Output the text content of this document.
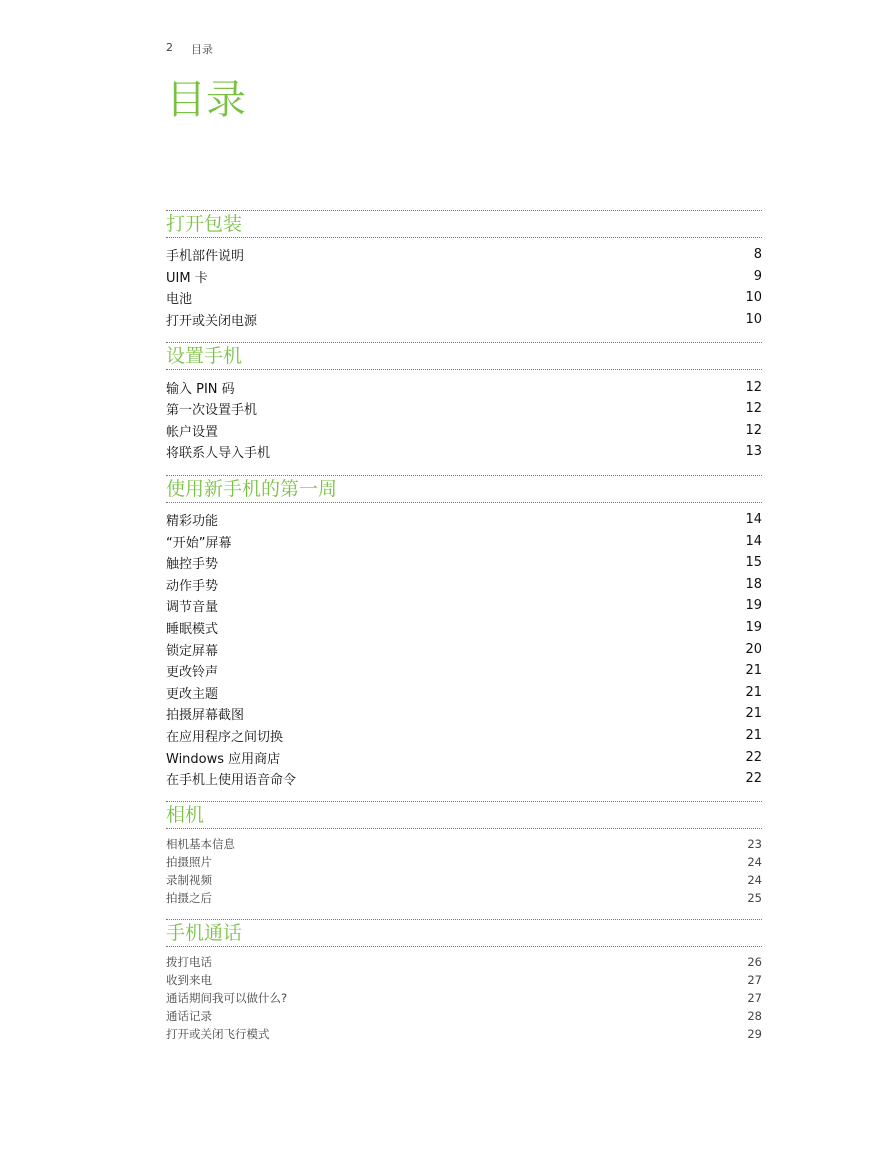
2 目录
目录
打开包装
手机部件说明	8
UIM 卡	9
电池	10
打开或关闭电源	10
设置手机
输入 PIN 码	12
第一次设置手机	12
帐户设置	12
将联系人导入手机	13
使用新手机的第一周
精彩功能	14
“开始”屏幕	14
触控手势	15
动作手势	18
调节音量	19
睡眠模式	19
锁定屏幕	20
更改铃声	21
更改主题	21
拍摄屏幕截图	21
在应用程序之间切换	21
Windows 应用商店	22
在手机上使用语音命令	22
相机
相机基本信息	23
拍摄照片	24
录制视频	24
拍摄之后	25
手机通话
拨打电话	26
收到来电	27
通话期间我可以做什么?	27
通话记录	28
打开或关闭飞行模式	29
